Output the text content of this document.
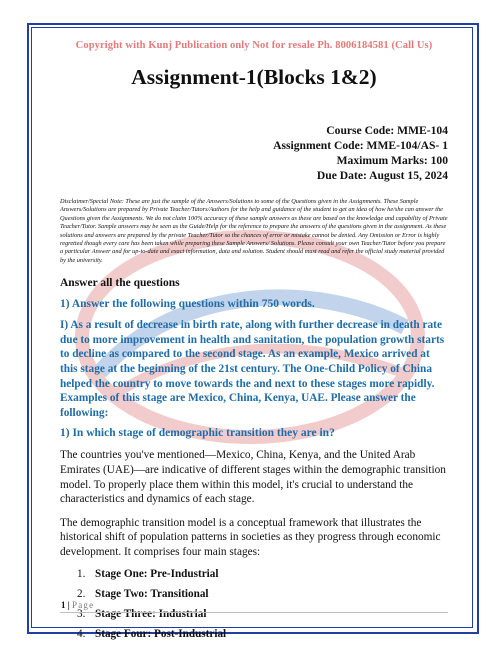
Copyright with Kunj Publication only Not for resale Ph. 8006184581 (Call Us)

Assignment-1(Blocks 1&2)
Course Code: MME-104
Assignment Code: MME-104/AS- 1
Maximum Marks: 100
Due Date: August 15, 2024
Disclaimer/Special Note: These are just the sample of the Answers/Solutions to some of the Questions given in the Assignments. These Sample Answers/Solutions are prepared by Private Teacher/Tutors/Authors for the help and guidance of the student to get an idea of how he/she can answer the Questions given the Assignments. We do not claim 100% accuracy of these sample answers as these are based on the knowledge and capability of Private Teacher/Tutor. Sample answers may be seen as the Guide/Help for the reference to prepare the answers of the questions given in the assignment. As these solutions and answers are prepared by the private Teacher/Tutor so the chances of error or mistake cannot be denied. Any Omission or Error is highly regretted though every care has been taken while preparing these Sample Answers/ Solutions. Please consult your own Teacher/Tutor before you prepare a particular Answer and for up-to-date and exact information, data and solution. Student should must read and refer the official study material provided by the university.
Answer all the questions
1) Answer the following questions within 750 words.
I) As a result of decrease in birth rate, along with further decrease in death rate due to more improvement in health and sanitation, the population growth starts to decline as compared to the second stage. As an example, Mexico arrived at this stage at the beginning of the 21st century. The One-Child Policy of China helped the country to move towards the and next to these stages more rapidly. Examples of this stage are Mexico, China, Kenya, UAE. Please answer the following:
1) In which stage of demographic transition they are in?
The countries you've mentioned—Mexico, China, Kenya, and the United Arab Emirates (UAE)—are indicative of different stages within the demographic transition model. To properly place them within this model, it's crucial to understand the characteristics and dynamics of each stage.
The demographic transition model is a conceptual framework that illustrates the historical shift of population patterns in societies as they progress through economic development. It comprises four main stages:
1. Stage One: Pre-Industrial
2. Stage Two: Transitional
3. Stage Three: Industrial
4. Stage Four: Post-Industrial
1 | Page
